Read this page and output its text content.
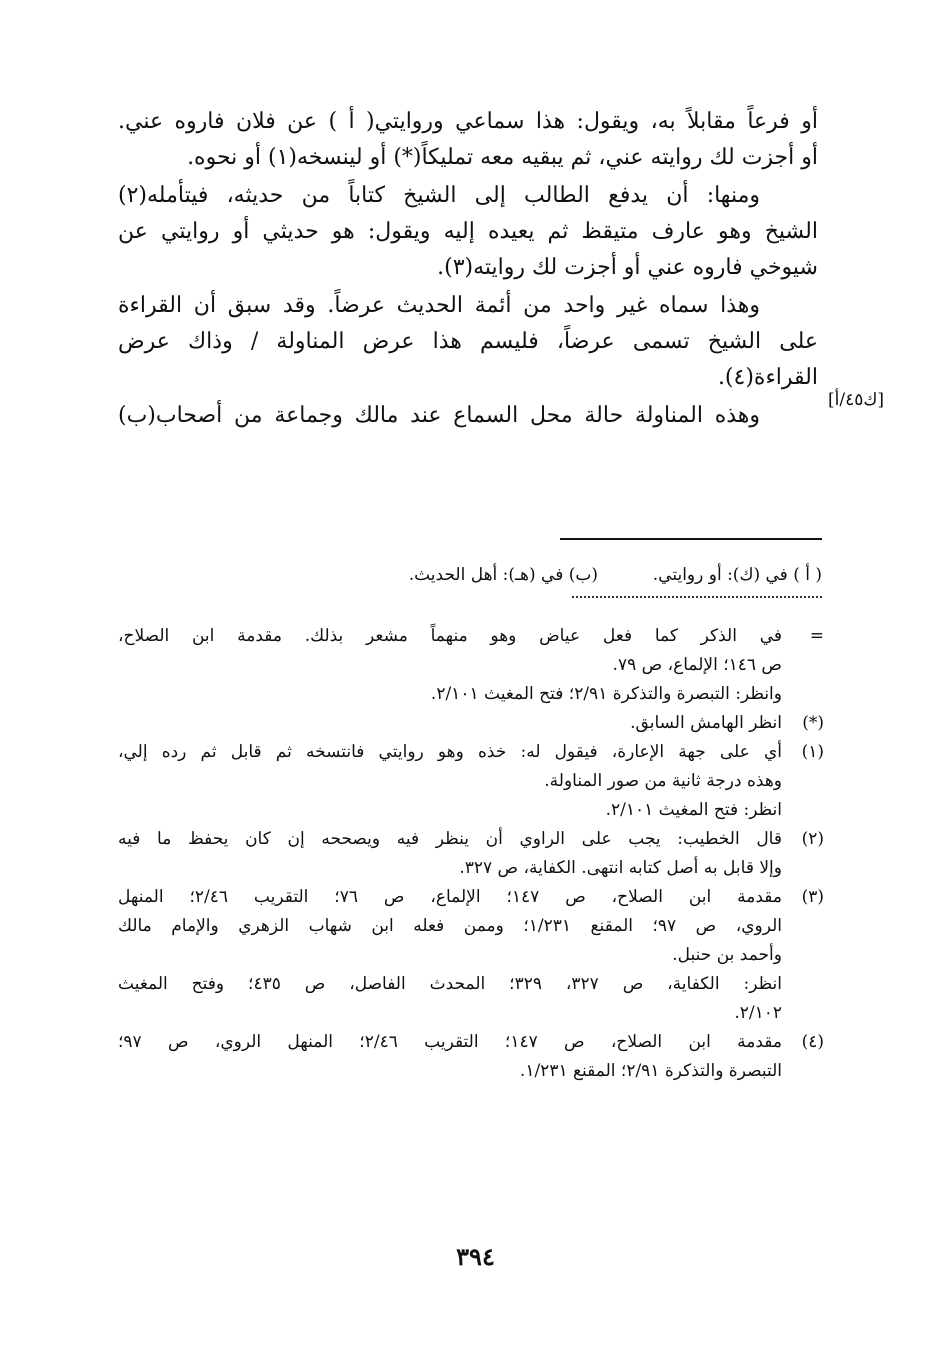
أو فرعاً مقابلاً به، ويقول: هذا سماعي وروايتي( أ ) عن فلان فاروه عني.
أو أجزت لك روايته عني، ثم يبقيه معه تمليكاً(*) أو لينسخه(١) أو نحوه.
ومنها: أن يدفع الطالب إلى الشيخ كتاباً من حديثه، فيتأمله(٢)
الشيخ وهو عارف متيقظ ثم يعيده إليه ويقول: هو حديثي أو روايتي عن
شيوخي فاروه عني أو أجزت لك روايته(٣).
وهذا سماه غير واحد من أئمة الحديث عرضاً. وقد سبق أن القراءة
على الشيخ تسمى عرضاً، فليسم هذا عرض المناولة / وذاك عرض
القراءة(٤).
وهذه المناولة حالة محل السماع عند مالك وجماعة من أصحاب(ب)
[ك٤٥/أ]
( أ ) في (ك): أو روايتي.
(ب) في (هـ): أهل الحديث.
=
في الذكر كما فعل عياض وهو منهماً مشعر بذلك. مقدمة ابن الصلاح،
ص ١٤٦؛ الإلماع، ص ٧٩.
وانظر: التبصرة والتذكرة ٢/٩١؛ فتح المغيث ٢/١٠١.
(*)
انظر الهامش السابق.
(١)
أي على جهة الإعارة، فيقول له: خذه وهو روايتي فانتسخه ثم قابل ثم رده إلي،
وهذه درجة ثانية من صور المناولة.
انظر: فتح المغيث ٢/١٠١.
(٢)
قال الخطيب: يجب على الراوي أن ينظر فيه ويصححه إن كان يحفظ ما فيه
وإلا قابل به أصل كتابه انتهى. الكفاية، ص ٣٢٧.
(٣)
مقدمة ابن الصلاح، ص ١٤٧؛ الإلماع، ص ٧٦؛ التقريب ٢/٤٦؛ المنهل
الروي، ص ٩٧؛ المقنع ١/٢٣١؛ وممن فعله ابن شهاب الزهري والإمام مالك
وأحمد بن حنبل.
انظر: الكفاية، ص ٣٢٧، ٣٢٩؛ المحدث الفاصل، ص ٤٣٥؛ وفتح المغيث
٢/١٠٢.
(٤)
مقدمة ابن الصلاح، ص ١٤٧؛ التقريب ٢/٤٦؛ المنهل الروي، ص ٩٧؛
التبصرة والتذكرة ٢/٩١؛ المقنع ١/٢٣١.
٣٩٤
